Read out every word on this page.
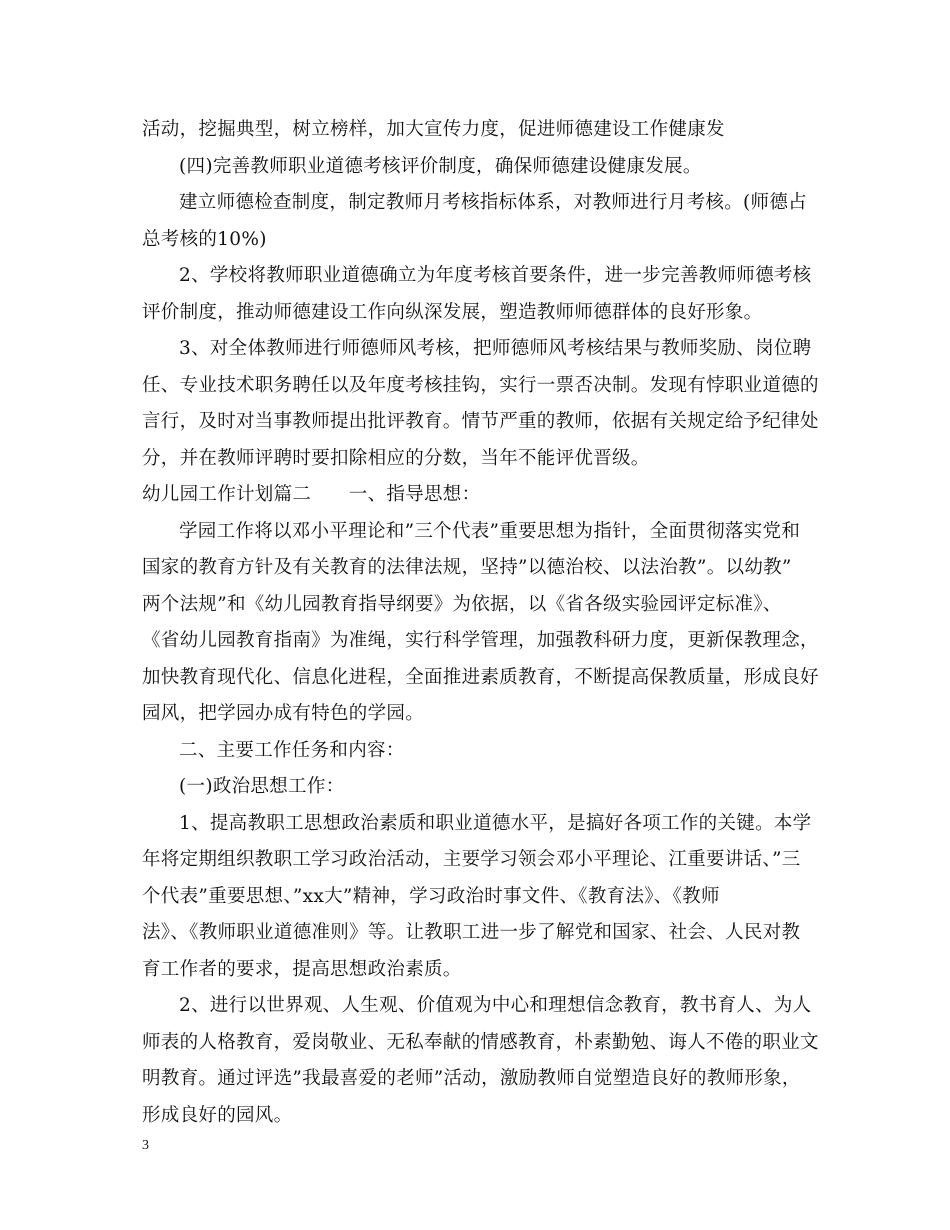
活动，挖掘典型，树立榜样，加大宣传力度，促进师德建设工作健康发
(四)完善教师职业道德考核评价制度，确保师德建设健康发展。
建立师德检查制度，制定教师月考核指标体系，对教师进行月考核。(师德占
总考核的10%)
2、学校将教师职业道德确立为年度考核首要条件，进一步完善教师师德考核
评价制度，推动师德建设工作向纵深发展，塑造教师师德群体的良好形象。
3、对全体教师进行师德师风考核，把师德师风考核结果与教师奖励、岗位聘
任、专业技术职务聘任以及年度考核挂钩，实行一票否决制。发现有悖职业道德的
言行，及时对当事教师提出批评教育。情节严重的教师，依据有关规定给予纪律处
分，并在教师评聘时要扣除相应的分数，当年不能评优晋级。
幼儿园工作计划篇二　　一、指导思想：
学园工作将以邓小平理论和”三个代表”重要思想为指针，全面贯彻落实党和
国家的教育方针及有关教育的法律法规，坚持”以德治校、以法治教”。以幼教”
两个法规”和《幼儿园教育指导纲要》为依据，以《省各级实验园评定标准》、
《省幼儿园教育指南》为准绳，实行科学管理，加强教科研力度，更新保教理念，
加快教育现代化、信息化进程，全面推进素质教育，不断提高保教质量，形成良好
园风，把学园办成有特色的学园。
二、主要工作任务和内容：
(一)政治思想工作：
1、提高教职工思想政治素质和职业道德水平，是搞好各项工作的关键。本学
年将定期组织教职工学习政治活动，主要学习领会邓小平理论、江重要讲话、”三
个代表”重要思想、”xx大”精神，学习政治时事文件、《教育法》、《教师
法》、《教师职业道德准则》等。让教职工进一步了解党和国家、社会、人民对教
育工作者的要求，提高思想政治素质。
2、进行以世界观、人生观、价值观为中心和理想信念教育，教书育人、为人
师表的人格教育，爱岗敬业、无私奉献的情感教育，朴素勤勉、诲人不倦的职业文
明教育。通过评选”我最喜爱的老师”活动，激励教师自觉塑造良好的教师形象，
形成良好的园风。
3
